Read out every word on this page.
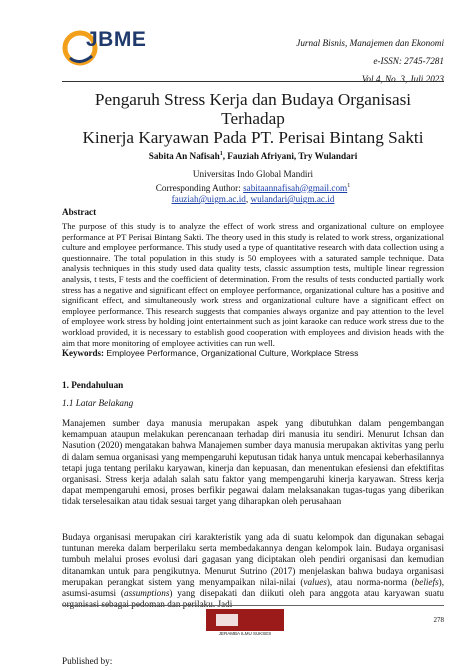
JBME	Jurnal Bisnis, Manajemen dan Ekonomi
e-ISSN: 2745-7281
Vol 4, No. 3, Juli 2023
Pengaruh Stress Kerja dan Budaya Organisasi Terhadap
Kinerja Karyawan Pada PT. Perisai Bintang Sakti
Sabita An Nafisah$^1$, Fauziah Afriyani, Try Wulandari
Universitas Indo Global Mandiri
Corresponding Author: sabitaannafisah@gmail.com$^1$
fauziah@uigm.ac.id, wulandari@uigm.ac.id
Abstract
The purpose of this study is to analyze the effect of work stress and organizational culture on employee performance at PT Perisai Bintang Sakti. The theory used in this study is related to work stress, organizational culture and employee performance. This study used a type of quantitative research with data collection using a questionnaire. The total population in this study is 50 employees with a saturated sample technique. Data analysis techniques in this study used data quality tests, classic assumption tests, multiple linear regression analysis, t tests, F tests and the coefficient of determination. From the results of tests conducted partially work stress has a negative and significant effect on employee performance, organizational culture has a positive and significant effect, and simultaneously work stress and organizational culture have a significant effect on employee performance. This research suggests that companies always organize and pay attention to the level of employee work stress by holding joint entertainment such as joint karaoke can reduce work stress due to the workload provided, it is necessary to establish good cooperation with employees and division heads with the aim that more monitoring of employee activities can run well.
Keywords: Employee Performance, Organizational Culture, Workplace Stress
1. Pendahuluan
1.1 Latar Belakang
Manajemen sumber daya manusia merupakan aspek yang dibutuhkan dalam pengembangan kemampuan ataupun melakukan perencanaan terhadap diri manusia itu sendiri. Menurut Ichsan dan Nasution (2020) mengatakan bahwa Manajemen sumber daya manusia merupakan aktivitas yang perlu di dalam semua organisasi yang mempengaruhi keputusan tidak hanya untuk mencapai keberhasilannya tetapi juga tentang perilaku karyawan, kinerja dan kepuasan, dan menentukan efesiensi dan efektifitas organisasi. Stress kerja adalah salah satu faktor yang mempengaruhi kinerja karyawan. Stress kerja dapat mempengaruhi emosi, proses berfikir pegawai dalam melaksanakan tugas-tugas yang diberikan tidak terselesaikan atau tidak sesuai target yang diharapkan oleh perusahaan
Budaya organisasi merupakan ciri karakteristik yang ada di suatu kelompok dan digunakan sebagai tuntunan mereka dalam berperilaku serta membedakannya dengan kelompok lain. Budaya organisasi tumbuh melalui proses evolusi dari gagasan yang diciptakan oleh pendiri organisasi dan kemudian ditanamkan untuk para pengikutnya. Menurut Sutrino (2017) menjelaskan bahwa budaya organisasi merupakan perangkat sistem yang menyampaikan nilai-nilai (values), atau norma-norma (beliefs), asumsi-asumsi (assumptions) yang disepakati dan diikuti oleh para anggota atau karyawan suatu organisasi sebagai pedoman dan perilaku. Jadi
278
JERAMBA ILMU SUKSES
Published by:
